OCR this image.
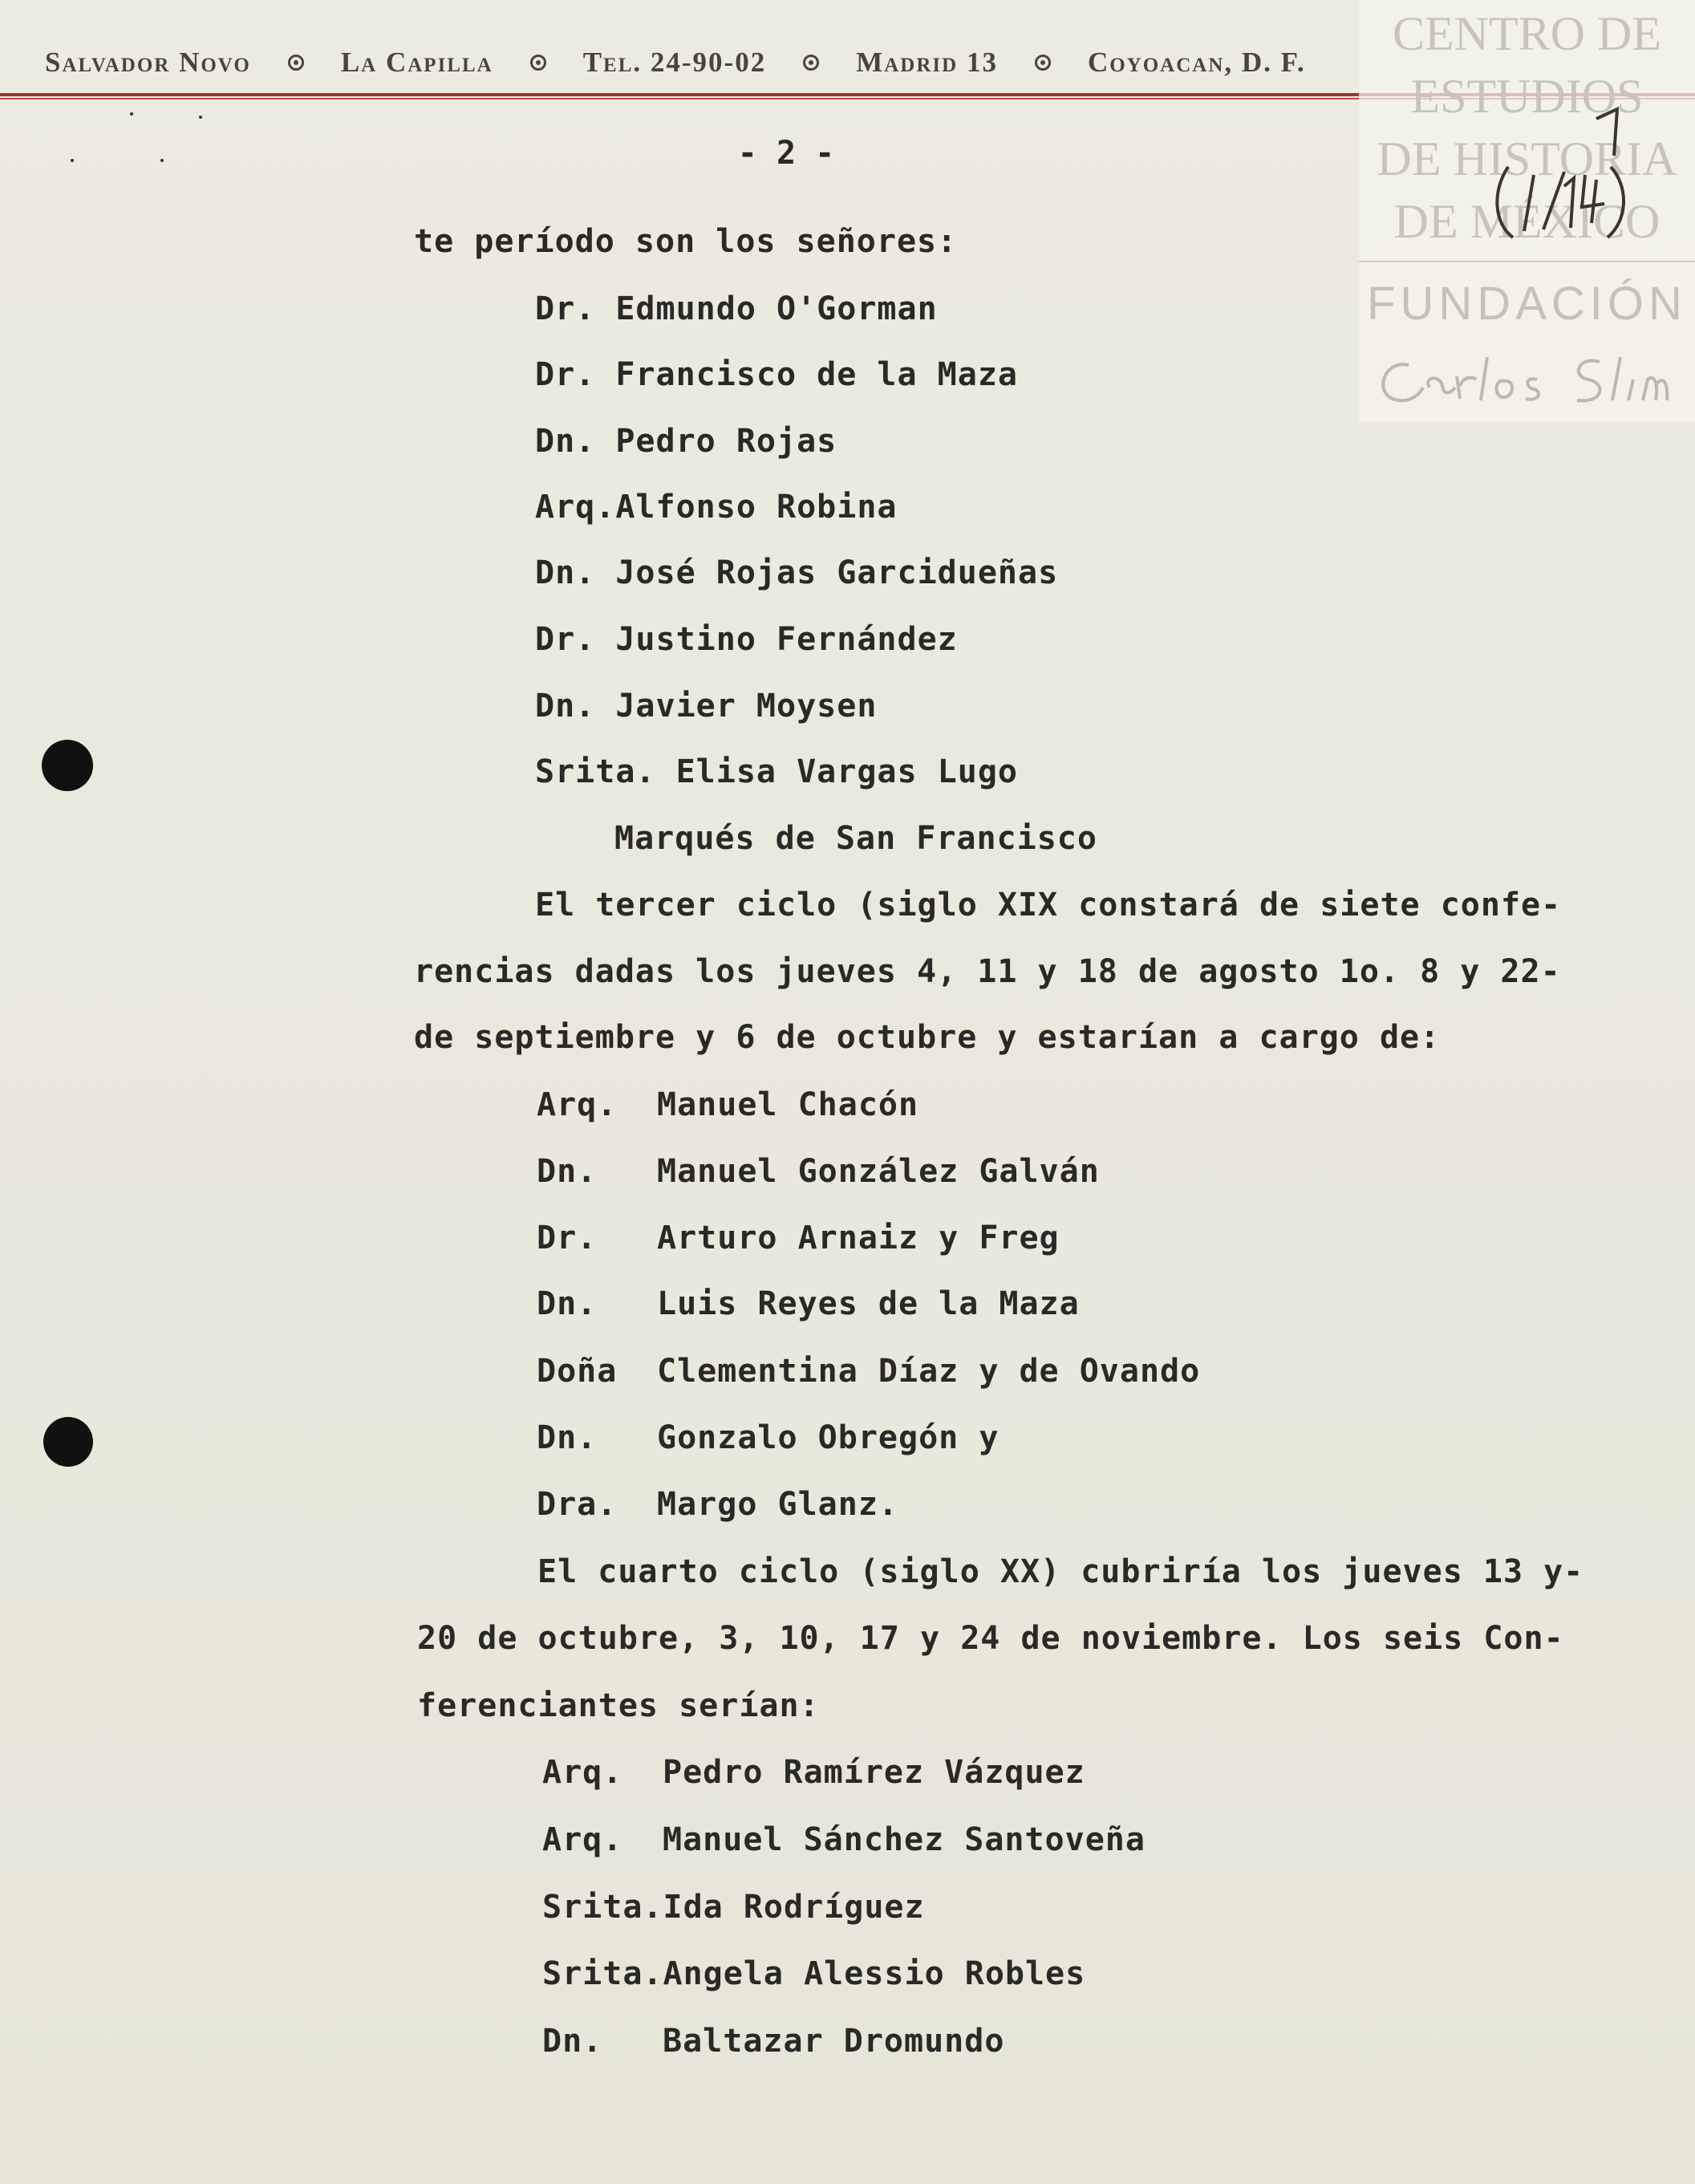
Salvador Novo	La Capilla	Tel. 24-90-02	Madrid 13	Coyoacan, D. F.
CENTRO DE
ESTUDIOS
DE HISTORIA
DE MÉXICO
FUNDACIÓN
- 2 -
te período son los señores:
Dr. Edmundo O'Gorman
Dr. Francisco de la Maza
Dn. Pedro Rojas
Arq.Alfonso Robina
Dn. José Rojas Garcidueñas
Dr. Justino Fernández
Dn. Javier Moysen
Srita. Elisa Vargas Lugo
Marqués de San Francisco
El tercer ciclo (siglo XIX constará de siete confe-
rencias dadas los jueves 4, 11 y 18 de agosto 1o. 8 y 22-
de septiembre y 6 de octubre y estarían a cargo de:
Arq. Manuel Chacón
Dn. Manuel González Galván
Dr. Arturo Arnaiz y Freg
Dn. Luis Reyes de la Maza
Doña Clementina Díaz y de Ovando
Dn. Gonzalo Obregón y
Dra. Margo Glanz.
El cuarto ciclo (siglo XX) cubriría los jueves 13 y-
20 de octubre, 3, 10, 17 y 24 de noviembre. Los seis Con-
ferenciantes serían:
Arq. Pedro Ramírez Vázquez
Arq. Manuel Sánchez Santoveña
Srita.Ida Rodríguez
Srita.Angela Alessio Robles
Dn. Baltazar Dromundo
